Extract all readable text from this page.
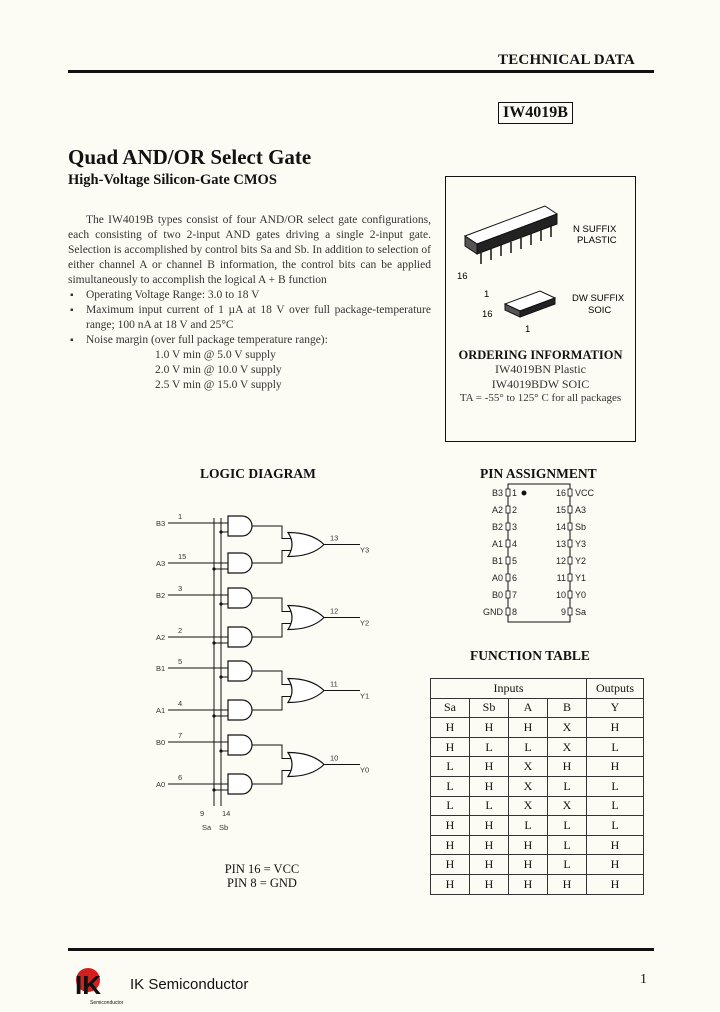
TECHNICAL DATA
IW4019B
Quad AND/OR Select Gate
High-Voltage Silicon-Gate CMOS

The IW4019B types consist of four AND/OR select gate configurations, each consisting of two 2-input AND gates driving a single 2-input gate. Selection is accomplished by control bits Sa and Sb. In addition to selection of either channel A or channel B information, the control bits can be applied simultaneously to accomplish the logical A + B function

▪ Operating Voltage Range: 3.0 to 18 V
▪ Maximum input current of 1 µA at 18 V over full package-temperature range; 100 nA at 18 V and 25°C
▪ Noise margin (over full package temperature range):
1.0 V min @ 5.0 V supply
2.0 V min @ 10.0 V supply
2.5 V min @ 15.0 V supply
N SUFFIX
PLASTIC
16
1	DW SUFFIX
SOIC
16
1
ORDERING INFORMATION
IW4019BN Plastic
IW4019BDW SOIC
TA = -55° to 125° C for all packages
LOGIC DIAGRAM
9 14
Sa Sb
B3
1
A3
15
B2
3
A2
2
B1
5
A1
4
B0
7
A0
6
13
Y3
12
Y2
11
Y1
10
Y0
PIN 16 = VCC
PIN 8 = GND
PIN ASSIGNMENT
B3 1
A2 2
B2 3
A1 4
B1 5
A0 6
B0 7
GND 8
16 VCC
15 A3
14 Sb
13 Y3
12 Y2
11 Y1
10 Y0
9 Sa
FUNCTION TABLE
Inputs				Outputs
Sa	Sb	A	B	Y
H	H	H	X	H
H	L	L	X	L
L	H	X	H	H
L	H	X	L	L
L	L	X	X	L
H	H	L	L	L
H	H	H	L	H
H	H	H	L	H
H	H	H	H	H
IK
Semiconductor
IK Semiconductor	1
